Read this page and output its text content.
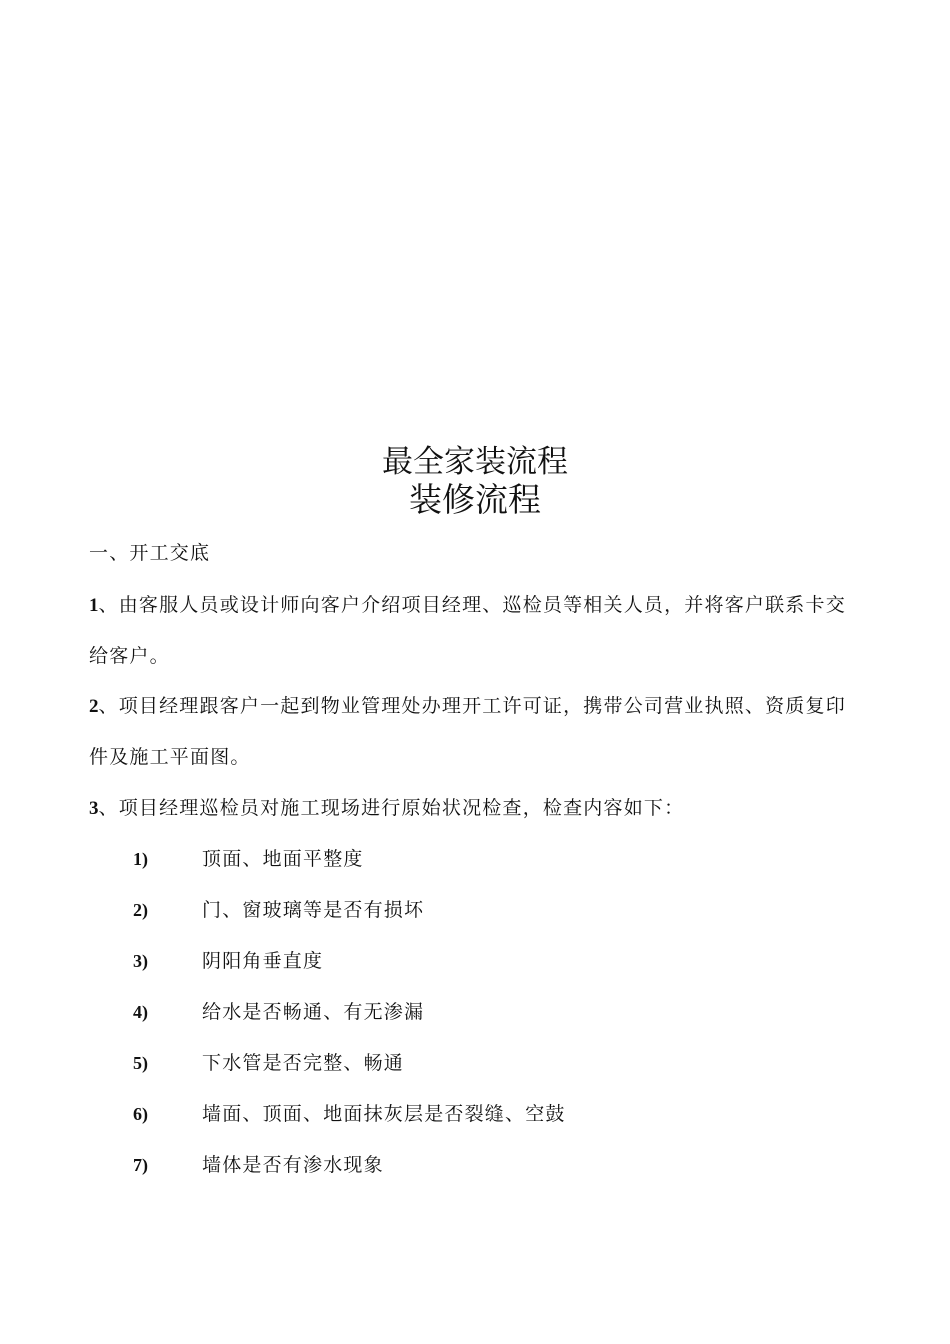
最全家装流程
装修流程
一、开工交底
1、由客服人员或设计师向客户介绍项目经理、巡检员等相关人员，并将客户联系卡交给客户。
2、项目经理跟客户一起到物业管理处办理开工许可证，携带公司营业执照、资质复印件及施工平面图。
3、项目经理巡检员对施工现场进行原始状况检查，检查内容如下：
1)	顶面、地面平整度
2)	门、窗玻璃等是否有损坏
3)	阴阳角垂直度
4)	给水是否畅通、有无渗漏
5)	下水管是否完整、畅通
6)	墙面、顶面、地面抹灰层是否裂缝、空鼓
7)	墙体是否有渗水现象
